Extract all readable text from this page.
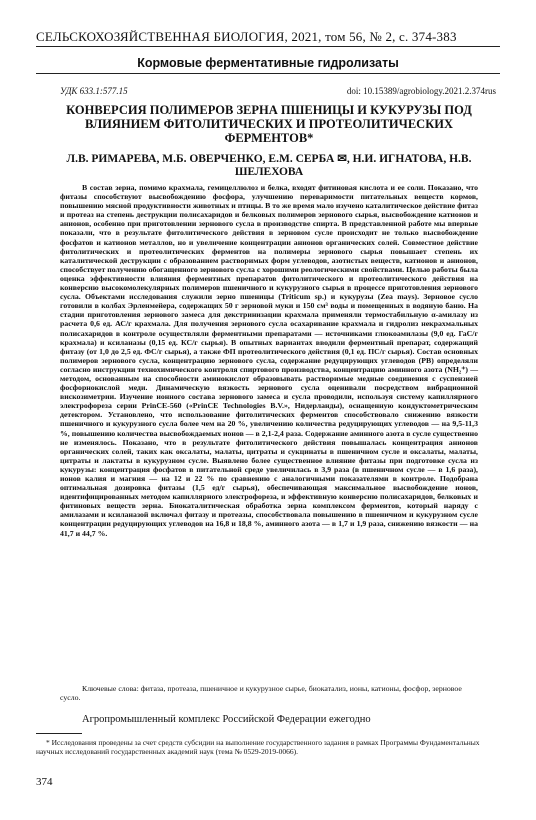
СЕЛЬСКОХОЗЯЙСТВЕННАЯ БИОЛОГИЯ, 2021, том 56, № 2, с. 374-383
Кормовые ферментативные гидролизаты
УДК 633.1:577.15	doi: 10.15389/agrobiology.2021.2.374rus
КОНВЕРСИЯ ПОЛИМЕРОВ ЗЕРНА ПШЕНИЦЫ И КУКУРУЗЫ ПОД ВЛИЯНИЕМ ФИТОЛИТИЧЕСКИХ И ПРОТЕОЛИТИЧЕСКИХ ФЕРМЕНТОВ*
Л.В. РИМАРЕВА, М.Б. ОВЕРЧЕНКО, Е.М. СЕРБА ✉, Н.И. ИГНАТОВА, Н.В. ШЕЛЕХОВА
В состав зерна, помимо крахмала, гемицеллюлоз и белка, входят фитиновая кислота и ее соли. Показано, что фитазы способствуют высвобождению фосфора, улучшению переваримости питательных веществ кормов, повышению мясной продуктивности животных и птицы. В то же время мало изучено каталитическое действие фитаз и протеаз на степень деструкции полисахаридов и белковых полимеров зернового сырья, высвобождение катионов и анионов, особенно при приготовлении зернового сусла в производстве спирта. В представленной работе мы впервые показали, что в результате фитолитического действия в зерновом сусле происходит не только высвобождение фосфатов и катионов металлов, но и увеличение концентрации анионов органических солей. Совместное действие фитолитических и протеолитических ферментов на полимеры зернового сырья повышает степень их каталитической деструкции с образованием растворимых форм углеводов, азотистых веществ, катионов и анионов, способствует получению обогащенного зернового сусла с хорошими реологическими свойствами. Целью работы была оценка эффективности влияния ферментных препаратов фитолитического и протеолитического действия на конверсию высокомолекулярных полимеров пшеничного и кукурузного сырья в процессе приготовления зернового сусла. Объектами исследования служили зерно пшеницы (Triticum sp.) и кукурузы (Zea mays). Зерновое сусло готовили в колбах Эрленмейера, содержащих 50 г зерновой муки и 150 см³ воды и помещенных в водяную баню. На стадии приготовления зернового замеса для декстринизации крахмала применяли термостабильную α-амилазу из расчета 0,6 ед. АС/г крахмала. Для получения зернового сусла осахаривание крахмала и гидролиз некрахмальных полисахаридов в контроле осуществляли ферментными препаратами — источниками глюкоамилазы (9,0 ед. ГаС/г крахмала) и ксиланазы (0,15 ед. КС/г сырья). В опытных вариантах вводили ферментный препарат, содержащий фитазу (от 1,0 до 2,5 ед. ФС/г сырья), а также ФП протеолитического действия (0,1 ед. ПС/г сырья). Состав основных полимеров зернового сусла, концентрацию зернового сусла, содержание редуцирующих углеводов (РВ) определяли согласно инструкции технохимического контроля спиртового производства, концентрацию аминного азота (NH₂⁺) — методом, основанным на способности аминокислот образовывать растворимые медные соединения с суспензией фосфорнокислой меди. Динамическую вязкость зернового сусла оценивали посредством вибрационной вискозиметрии. Изучение ионного состава зернового замеса и сусла проводили, используя систему капиллярного электрофореза серии PrinCE-560 («PrinCE Technologies B.V.», Нидерланды), оснащенную кондуктометрическим детектором. Установлено, что использование фитолитических ферментов способствовало снижению вязкости пшеничного и кукурузного сусла более чем на 20 %, увеличению количества редуцирующих углеводов — на 9,5-11,3 %, повышению количества высвобождаемых ионов — в 2,1-2,4 раза. Содержание аминного азота в сусле существенно не изменялось. Показано, что в результате фитолитического действия повышалась концентрация анионов органических солей, таких как оксалаты, малаты, цитраты и сукцинаты в пшеничном сусле и оксалаты, малаты, цитраты и лактаты в кукурузном сусле. Выявлено более существенное влияние фитазы при подготовке сусла из кукурузы: концентрация фосфатов в питательной среде увеличилась в 3,9 раза (в пшеничном сусле — в 1,6 раза), ионов калия и магния — на 12 и 22 % по сравнению с аналогичными показателями в контроле. Подобрана оптимальная дозировка фитазы (1,5 ед/г сырья), обеспечивающая максимальное высвобождение ионов, идентифицированных методом капиллярного электрофореза, и эффективную конверсию полисахаридов, белковых и фитиновых веществ зерна. Биокаталитическая обработка зерна комплексом ферментов, который наряду с амилазами и ксиланазой включал фитазу и протеазы, способствовала повышению в пшеничном и кукурузном сусле концентрации редуцирующих углеводов на 16,8 и 18,8 %, аминного азота — в 1,7 и 1,9 раза, снижению вязкости — на 41,7 и 44,7 %.
Ключевые слова: фитаза, протеаза, пшеничное и кукурузное сырье, биокатализ, ионы, катионы, фосфор, зерновое сусло.
Агропромышленный комплекс Российской Федерации ежегодно
* Исследования проведены за счет средств субсидии на выполнение государственного задания в рамках Программы Фундаментальных научных исследований государственных академий наук (тема № 0529-2019-0066).
374
